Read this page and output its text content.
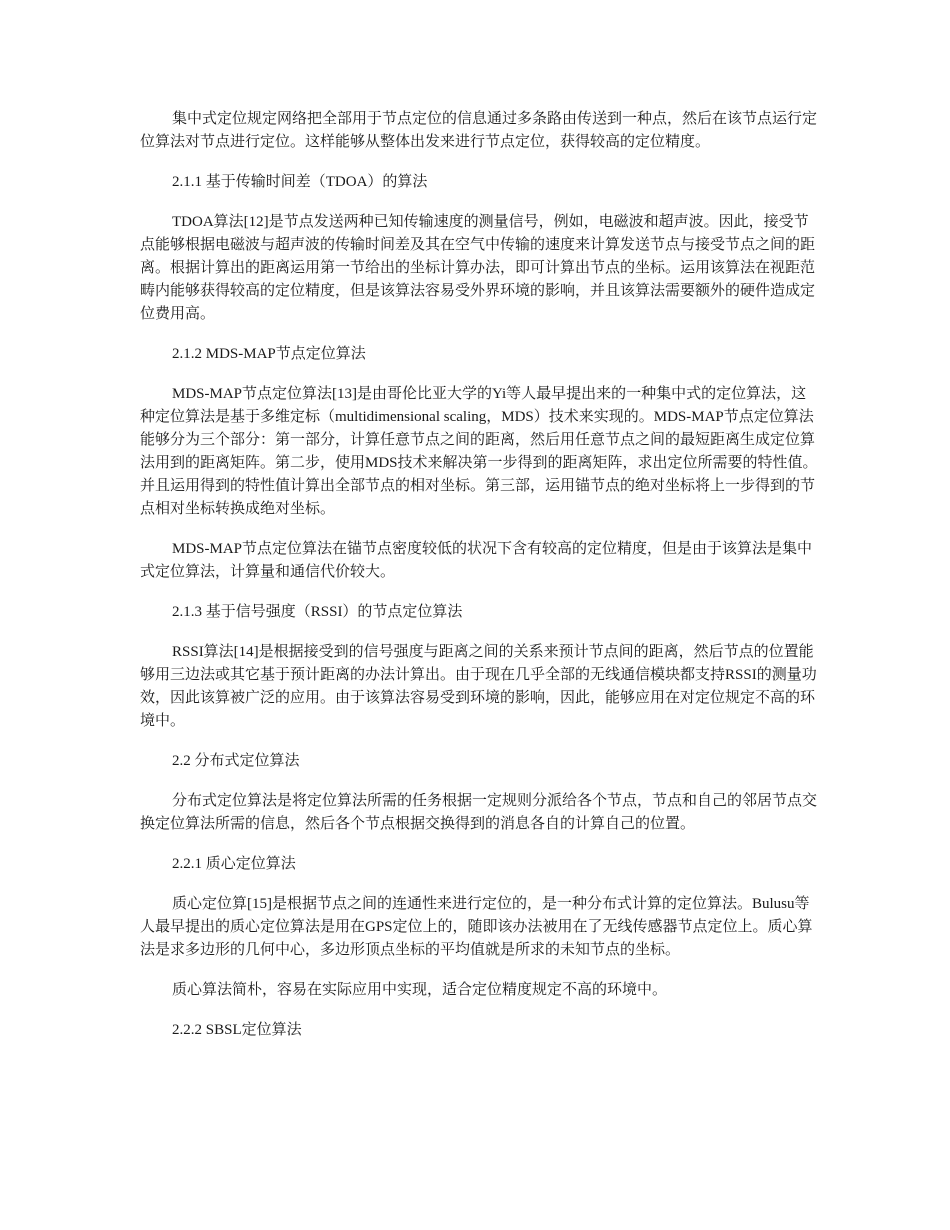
集中式定位规定网络把全部用于节点定位的信息通过多条路由传送到一种点，然后在该节点运行定位算法对节点进行定位。这样能够从整体出发来进行节点定位，获得较高的定位精度。

2.1.1 基于传输时间差（TDOA）的算法

TDOA算法[12]是节点发送两种已知传输速度的测量信号，例如，电磁波和超声波。因此，接受节点能够根据电磁波与超声波的传输时间差及其在空气中传输的速度来计算发送节点与接受节点之间的距离。根据计算出的距离运用第一节给出的坐标计算办法，即可计算出节点的坐标。运用该算法在视距范畴内能够获得较高的定位精度，但是该算法容易受外界环境的影响，并且该算法需要额外的硬件造成定位费用高。

2.1.2 MDS-MAP节点定位算法

MDS-MAP节点定位算法[13]是由哥伦比亚大学的Yi等人最早提出来的一种集中式的定位算法，这种定位算法是基于多维定标（multidimensional scaling，MDS）技术来实现的。MDS-MAP节点定位算法能够分为三个部分：第一部分，计算任意节点之间的距离，然后用任意节点之间的最短距离生成定位算法用到的距离矩阵。第二步，使用MDS技术来解决第一步得到的距离矩阵，求出定位所需要的特性值。并且运用得到的特性值计算出全部节点的相对坐标。第三部，运用锚节点的绝对坐标将上一步得到的节点相对坐标转换成绝对坐标。

MDS-MAP节点定位算法在锚节点密度较低的状况下含有较高的定位精度，但是由于该算法是集中式定位算法，计算量和通信代价较大。

2.1.3 基于信号强度（RSSI）的节点定位算法

RSSI算法[14]是根据接受到的信号强度与距离之间的关系来预计节点间的距离，然后节点的位置能够用三边法或其它基于预计距离的办法计算出。由于现在几乎全部的无线通信模块都支持RSSI的测量功效，因此该算被广泛的应用。由于该算法容易受到环境的影响，因此，能够应用在对定位规定不高的环境中。

2.2 分布式定位算法

分布式定位算法是将定位算法所需的任务根据一定规则分派给各个节点，节点和自己的邻居节点交换定位算法所需的信息，然后各个节点根据交换得到的消息各自的计算自己的位置。

2.2.1 质心定位算法

质心定位算[15]是根据节点之间的连通性来进行定位的，是一种分布式计算的定位算法。Bulusu等人最早提出的质心定位算法是用在GPS定位上的，随即该办法被用在了无线传感器节点定位上。质心算法是求多边形的几何中心，多边形顶点坐标的平均值就是所求的未知节点的坐标。

质心算法简朴，容易在实际应用中实现，适合定位精度规定不高的环境中。

2.2.2 SBSL定位算法
